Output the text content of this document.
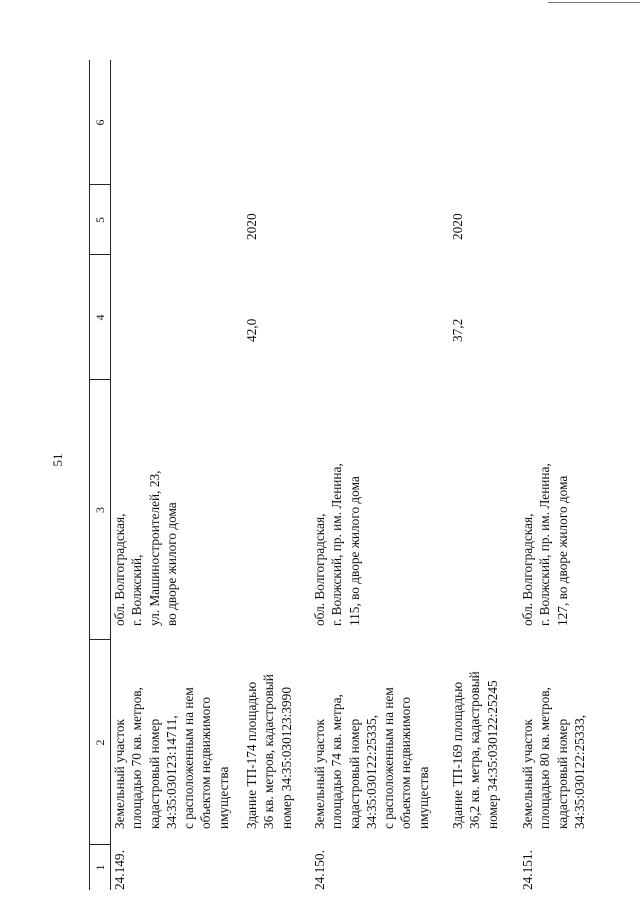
51
1
2
3
4
5
6
24.149.
Земельный участок
площадью 70 кв. метров,
кадастровый номер
34:35:030123:14711,
с расположенным на нем
объектом недвижимого
имущества
обл. Волгоградская,
г. Волжский,
ул. Машиностроителей, 23,
во дворе жилого дома
Здание ТП-174 площадью
36 кв. метров, кадастровый
номер 34:35:030123:3990
42,0
2020
24.150.
Земельный участок
площадью 74 кв. метра,
кадастровый номер
34:35:030122:25335,
с расположенным на нем
объектом недвижимого
имущества
обл. Волгоградская,
г. Волжский, пр. им. Ленина,
115, во дворе жилого дома
Здание ТП-169 площадью
36,2 кв. метра, кадастровый
номер 34:35:030122:25245
37,2
2020
24.151.
Земельный участок
площадью 80 кв. метров,
кадастровый номер
34:35:030122:25333,
обл. Волгоградская,
г. Волжский, пр. им. Ленина,
127, во дворе жилого дома
